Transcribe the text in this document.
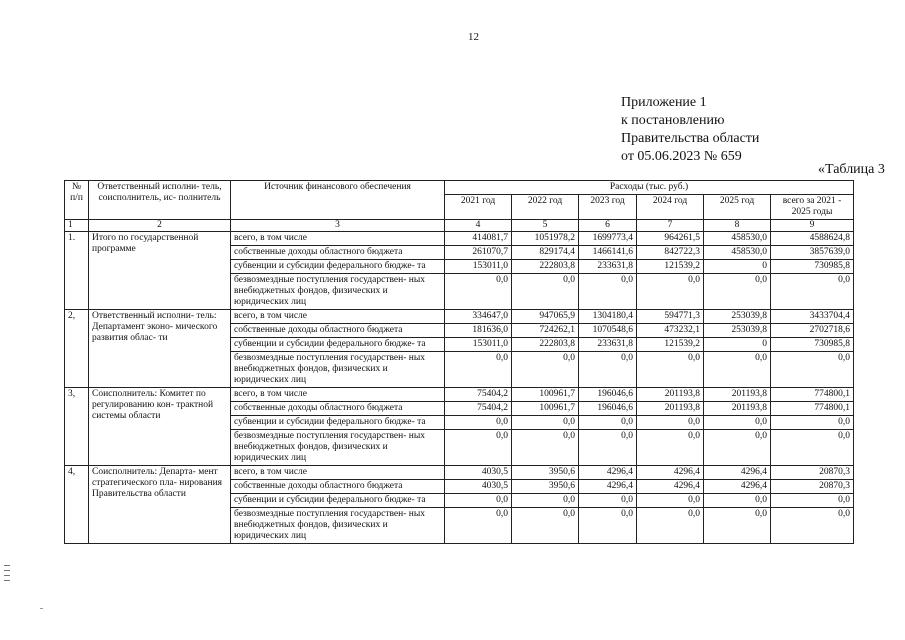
12
Приложение 1
к постановлению
Правительства области
от 05.06.2023 № 659
«Таблица 3
№ п/п	Ответственный исполни- тель, соисполнитель, ис- полнитель	Источник финансового обеспечения	Расходы (тыс. руб.)					
			2021 год	2022 год	2023 год	2024 год	2025 год	всего за 2021 - 2025 годы
1	2	3	4	5	6	7	8	9
1.	Итого по государственной программе	всего, в том числе	414081,7	1051978,2	1699773,4	964261,5	458530,0	4588624,8
		собственные доходы областного бюджета	261070,7	829174,4	1466141,6	842722,3	458530,0	3857639,0
		субвенции и субсидии федерального бюдже- та	153011,0	222803,8	233631,8	121539,2	0	730985,8
		безвозмездные поступления государствен- ных внебюджетных фондов, физических и юридических лиц	0,0	0,0	0,0	0,0	0,0	0,0
2,	Ответственный исполни- тель: Департамент эконо- мического развития облас- ти	всего, в том числе	334647,0	947065,9	1304180,4	594771,3	253039,8	3433704,4
		собственные доходы областного бюджета	181636,0	724262,1	1070548,6	473232,1	253039,8	2702718,6
		субвенции и субсидии федерального бюдже- та	153011,0	222803,8	233631,8	121539,2	0	730985,8
		безвозмездные поступления государствен- ных внебюджетных фондов, физических и юридических лиц	0,0	0,0	0,0	0,0	0,0	0,0
3,	Соисполнитель: Комитет по регулированию кон- трактной системы области	всего, в том числе	75404,2	100961,7	196046,6	201193,8	201193,8	774800,1
		собственные доходы областного бюджета	75404,2	100961,7	196046,6	201193,8	201193,8	774800,1
		субвенции и субсидии федерального бюдже- та	0,0	0,0	0,0	0,0	0,0	0,0
		безвозмездные поступления государствен- ных внебюджетных фондов, физических и юридических лиц	0,0	0,0	0,0	0,0	0,0	0,0
4,	Соисполнитель: Департа- мент стратегического пла- нирования Правительства области	всего, в том числе	4030,5	3950,6	4296,4	4296,4	4296,4	20870,3
		собственные доходы областного бюджета	4030,5	3950,6	4296,4	4296,4	4296,4	20870,3
		субвенции и субсидии федерального бюдже- та	0,0	0,0	0,0	0,0	0,0	0,0
		безвозмездные поступления государствен- ных внебюджетных фондов, физических и юридических лиц	0,0	0,0	0,0	0,0	0,0	0,0
